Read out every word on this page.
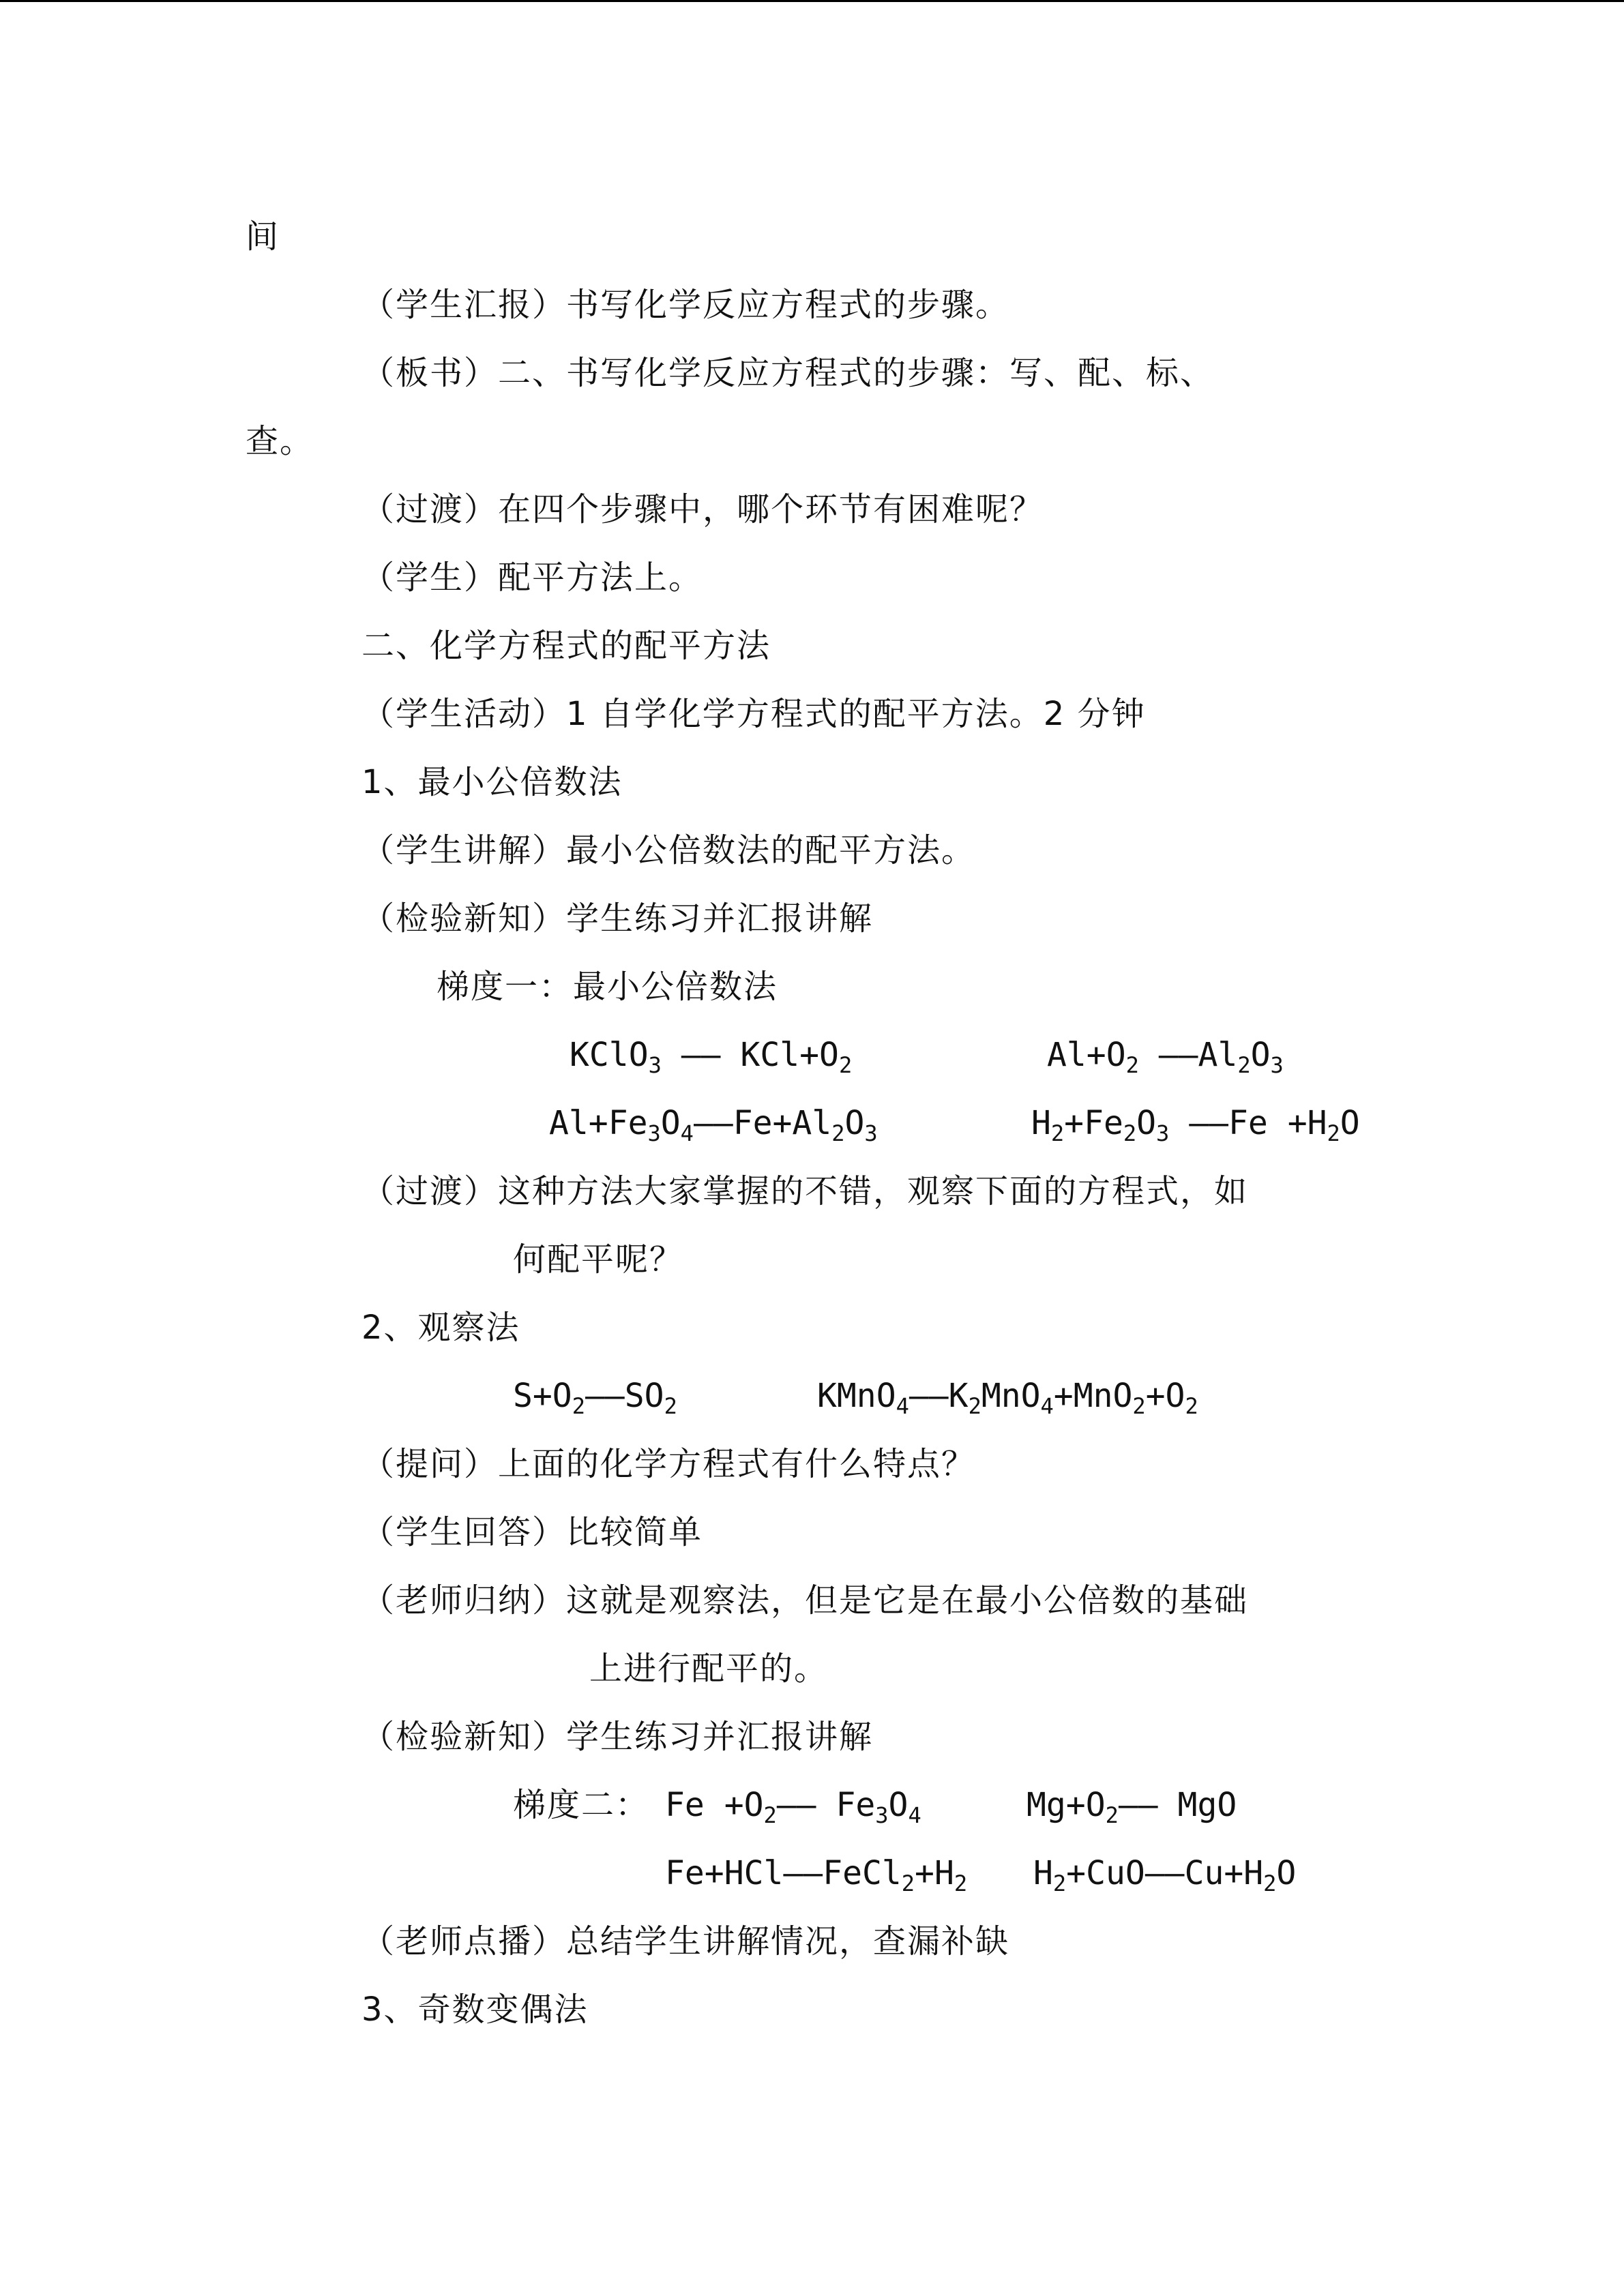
间
（学生汇报）书写化学反应方程式的步骤。
（板书）二、书写化学反应方程式的步骤：写、配、标、
查。
（过渡）在四个步骤中，哪个环节有困难呢？
（学生）配平方法上。
二、化学方程式的配平方法
（学生活动）1 自学化学方程式的配平方法。2 分钟
1、最小公倍数法
（学生讲解）最小公倍数法的配平方法。
（检验新知）学生练习并汇报讲解
梯度一：最小公倍数法
KClO$_3$ —— $KCl+O_2$	$Al+O_2$ $——Al_2O_3$
$Al+Fe_3O_4——Fe+Al_2O_3$	$H_2+Fe_2O_3$ ——Fe $+H_2O$
（过渡）这种方法大家掌握的不错，观察下面的方程式，如
何配平呢？
2、观察法
$S+O_2——SO_2$	$KMnO_4——K_2MnO_4+MnO_2+O_2$
（提问）上面的化学方程式有什么特点？
（学生回答）比较简单
（老师归纳）这就是观察法，但是它是在最小公倍数的基础
上进行配平的。
（检验新知）学生练习并汇报讲解
梯度二： $Fe +O_2——$ $Fe_3O_4$	$Mg+O_2——$ MgO
$Fe+HCl——FeCl_2+H_2$ $H_2+CuO——Cu+H_2O$
（老师点播）总结学生讲解情况，查漏补缺
3、奇数变偶法
